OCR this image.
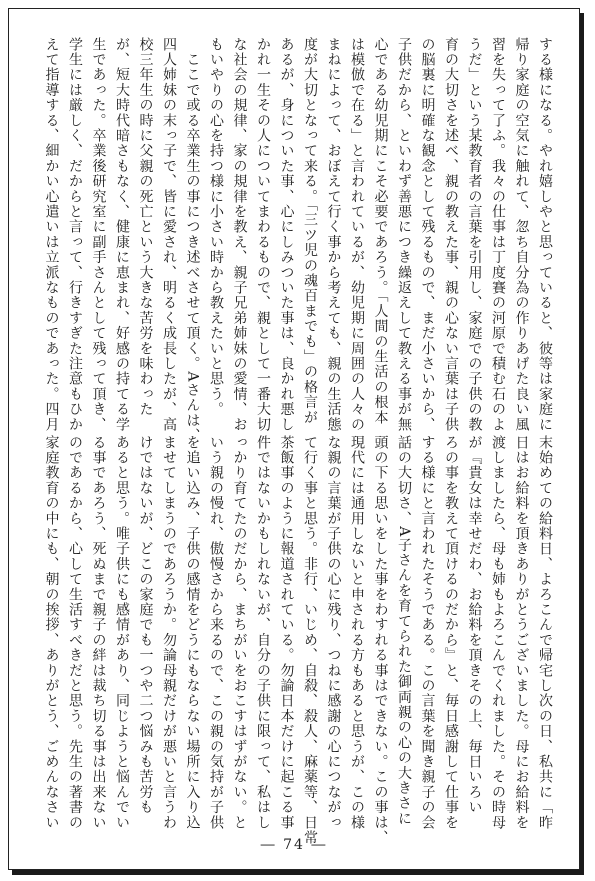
する様になる。やれ嬉しやと思っていると、彼等は家庭に
帰り家庭の空気に触れて、忽ち自分為の作りあげた良い風
習を失って了ふ。我々の仕事は丁度賽の河原で積む石のよ
うだ」という某教育者の言葉を引用し、家庭での子供の教
育の大切さを述べ、親の教えた事、親の心ない言葉は子供
の脳裏に明確な観念として残るもので、まだ小さいから、
子供だから、といわず善悪につき繰返えして教える事が無
心である幼児期にこそ必要であろう。「人間の生活の根本
は模倣で在る」と言われているが、幼児期に周囲の人々の
まねによって、おぼえて行く事から考えても、親の生活態
度が大切となって来る。「三ツ児の魂百までも」の格言が
あるが、身についた事、心にしみついた事は、良かれ悪し
かれ一生その人についてまわるもので、親として一番大切
な社会の規律、家の規律を教え、親子兄弟姉妹の愛情、お
もいやりの心を持つ様に小さい時から教えたいと思う。
　ここで或る卒業生の事につき述べさせて頂く。Aさんは、
四人姉妹の末っ子で、皆に愛され、明るく成長したが、高
校三年生の時に父親の死亡という大きな苦労を味わった
が、短大時代暗さもなく、健康に恵まれ、好感の持てる学
生であった。卒業後研究室に副手さんとして残って頂き、
学生には厳しく、だからと言って、行きすぎた注意もひか
えて指導する、細かい心遣いは立派なものであった。四月
末始めての給料日、よろこんで帰宅し次の日、私共に「昨
日はお給料を頂きありがとうございました。母にお給料を
渡しましたら、母も姉もよろこんでくれました。その時母
が『貴女は幸せだわ、お給料を頂きその上、毎日いろい
ろの事を教えて頂けるのだから』と、毎日感謝して仕事を
する様にと言われたそうである。この言葉を聞き親子の会
話の大切さ、A子さんを育てられた御両親の心の大きさに
頭の下る思いをした事をわすれる事はできない。この事は、
現代には通用しないと申される方もあると思うが、この様
な親の言葉が子供の心に残り、つねに感謝の心につながっ
て行く事と思う。非行、いじめ、自殺、殺人、麻薬等、日常
茶飯事のように報道されている。勿論日本だけに起こる事
件ではないかもしれないが、自分の子供に限って、私はし
っかり育てたのだから、まちがいをおこすはずがない。と
いう親の慢れ、傲慢さから来るので、この親の気持が子供
を追い込み、子供の感情をどうにもならない場所に入り込
ませてしまうのであろうか。勿論母親だけが悪いと言うわ
けではないが、どこの家庭でも一つや二つ悩みも苦労も
あると思う。唯子供にも感情があり、同じようと悩んでい
る事であろう、死ぬまで親子の絆は裁ち切る事は出来ない
のであるから、心して生活すべきだと思う。先生の著書の
家庭教育の中にも、朝の挨拶、ありがとう、ごめんなさい
― 74 ―
